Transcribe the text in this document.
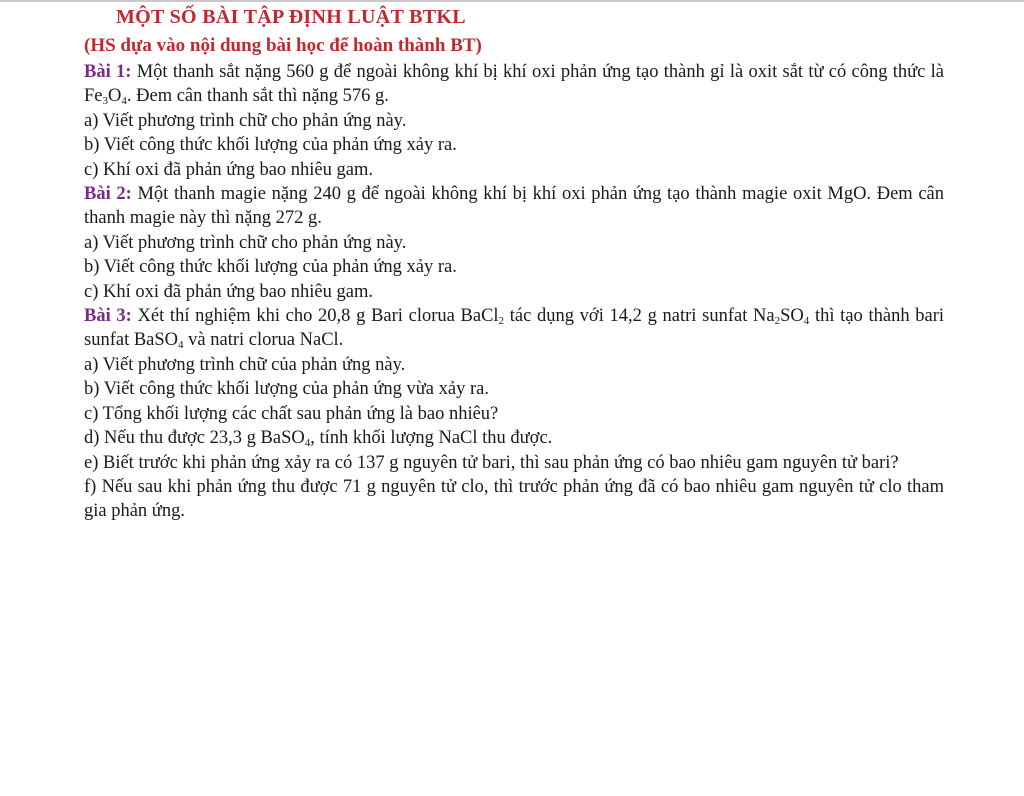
MỘT SỐ BÀI TẬP ĐỊNH LUẬT BTKL
(HS dựa vào nội dung bài học để hoàn thành BT)

Bài 1: Một thanh sắt nặng 560 g để ngoài không khí bị khí oxi phản ứng tạo thành gỉ là oxit sắt từ có công thức là $Fe_3O_4$. Đem cân thanh sắt thì nặng 576 g.

a) Viết phương trình chữ cho phản ứng này.

b) Viết công thức khối lượng của phản ứng xảy ra.

c) Khí oxi đã phản ứng bao nhiêu gam.

Bài 2: Một thanh magie nặng 240 g để ngoài không khí bị khí oxi phản ứng tạo thành magie oxit MgO. Đem cân thanh magie này thì nặng 272 g.

a) Viết phương trình chữ cho phản ứng này.

b) Viết công thức khối lượng của phản ứng xảy ra.

c) Khí oxi đã phản ứng bao nhiêu gam.

Bài 3: Xét thí nghiệm khi cho 20,8 g Bari clorua BaCl$_2$ tác dụng với 14,2 g natri sunfat $Na_2SO_4$ thì tạo thành bari sunfat BaSO$_4$ và natri clorua NaCl.

a) Viết phương trình chữ của phản ứng này.

b) Viết công thức khối lượng của phản ứng vừa xảy ra.

c) Tổng khối lượng các chất sau phản ứng là bao nhiêu?

d) Nếu thu được 23,3 g BaSO$_4$, tính khối lượng NaCl thu được.

e) Biết trước khi phản ứng xảy ra có 137 g nguyên tử bari, thì sau phản ứng có bao nhiêu gam nguyên tử bari?

f) Nếu sau khi phản ứng thu được 71 g nguyên tử clo, thì trước phản ứng đã có bao nhiêu gam nguyên tử clo tham gia phản ứng.
